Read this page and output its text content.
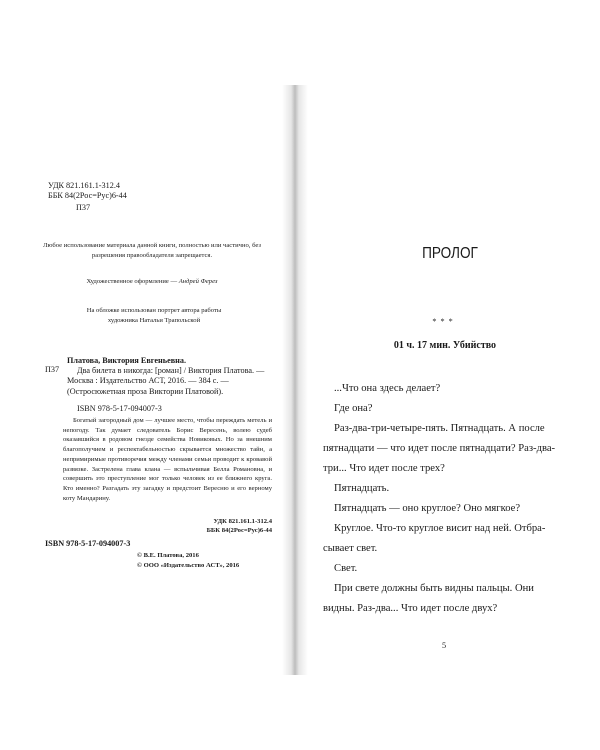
УДК 821.161.1-312.4

ББК 84(2Рос=Рус)6-44

П37

Любое использование материала данной книги, полностью или частично, без разрешения правообладателя запрещается.

Художественное оформление — Андрей Ферез

На обложке использован портрет автора работы художника Натальи Трапольской

П37

Платова, Виктория Евгеньевна.

Два билета в никогда: [роман] / Виктория Платова. — Москва : Издательство АСТ, 2016. — 384 с. — (Остросюжетная проза Виктории Платовой).

ISBN 978-5-17-094007-3

Богатый загородный дом — лучшее место, чтобы переждать метель и непогоду. Так думает следователь Борис Вересень, волею судеб оказавшийся в родовом гнезде семейства Новиковых. Но за внешним благополучием и респектабельностью скрывается множество тайн, а непримиримые противоречия между членами семьи проводит к кровавой развязке. Застрелена глава клана — вспыльчивая Белла Романовна, и совершить это преступление мог только человек из ее ближнего круга. Кто именно? Разгадать эту загадку и предстоит Вересню и его верному коту Мандарину.

УДК 821.161.1-312.4

ББК 84(2Рос=Рус)6-44

ISBN 978-5-17-094007-3

© В.Е. Платова, 2016

© ООО «Издательство АСТ», 2016

ПРОЛОГ

* * *

01 ч. 17 мин. Убийство

...Что она здесь делает?

Где она?

Раз-два-три-четыре-пять. Пятнадцать. А после

пятнадцати — что идет после пятнадцати? Раз-два-

три... Что идет после трех?

Пятнадцать.

Пятнадцать — оно круглое? Оно мягкое?

Круглое. Что-то круглое висит над ней. Отбра-

сывает свет.

Свет.

При свете должны быть видны пальцы. Они

видны. Раз-два... Что идет после двух?

5
